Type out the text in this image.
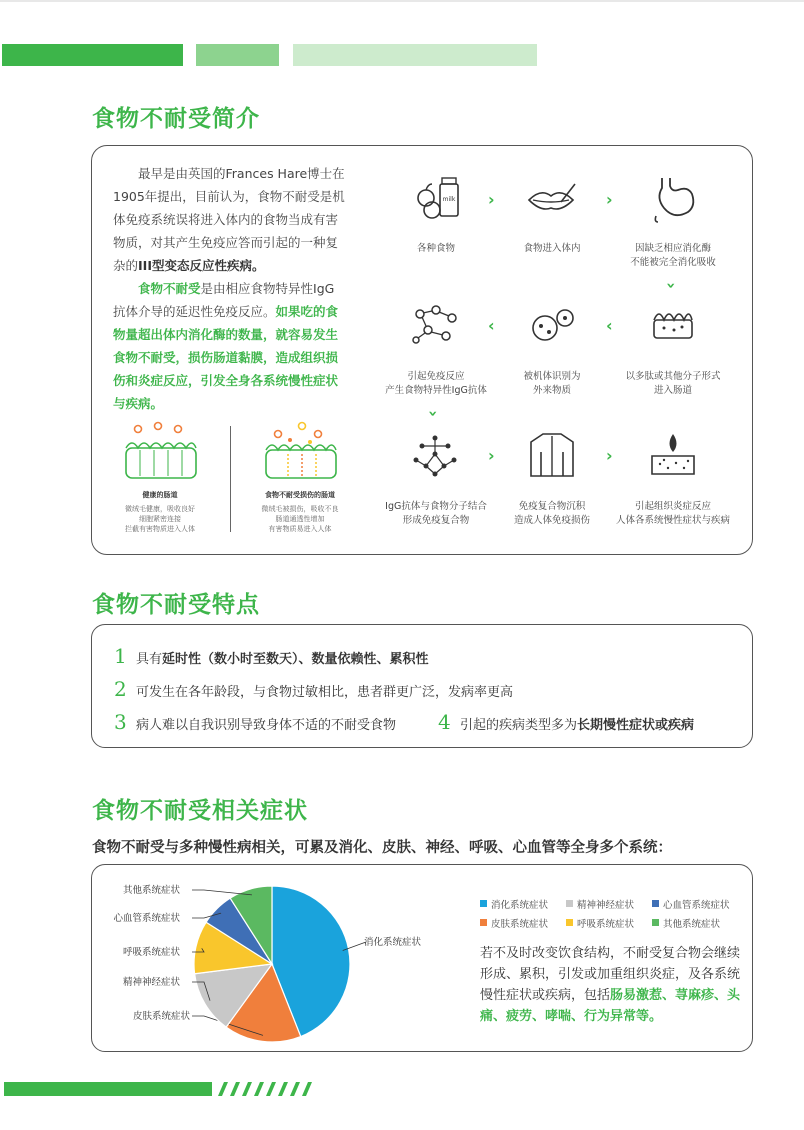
食物不耐受简介

最早是由英国的Frances Hare博士在1905年提出，目前认为，食物不耐受是机体免疫系统误将进入体内的食物当成有害物质，对其产生免疫应答而引起的一种复杂的III型变态反应性疾病。

食物不耐受是由相应食物特异性IgG抗体介导的延迟性免疫反应。如果吃的食物量超出体内消化酶的数量，就容易发生食物不耐受，损伤肠道黏膜，造成组织损伤和炎症反应，引发全身各系统慢性症状与疾病。

健康的肠道
微绒毛健康，吸收良好
细胞紧密连接
拦截有害物质进入人体
食物不耐受损伤的肠道
微绒毛被损伤，吸收不良
肠道通透性增加
有害物质易进入人体
milk ›	›
›
‹
‹
›
›	›
各种食物	食物进入体内	因缺乏相应消化酶
不能被完全消化吸收
以多肽或其他分子形式
进入肠道
被机体识别为
外来物质
引起免疫反应
产生食物特异性IgG抗体
IgG抗体与食物分子结合
形成免疫复合物
免疫复合物沉积
造成人体免疫损伤
引起组织炎症反应
人体各系统慢性症状与疾病
食物不耐受特点
1 具有延时性（数小时至数天）、数量依赖性、累积性
2 可发生在各年龄段，与食物过敏相比，患者群更广泛，发病率更高
3 病人难以自我识别导致身体不适的不耐受食物 4 引起的疾病类型多为长期慢性症状或疾病
食物不耐受相关症状
食物不耐受与多种慢性病相关，可累及消化、皮肤、神经、呼吸、心血管等全身多个系统：
消化系统症状
皮肤系统症状
精神神经症状
呼吸系统症状
心血管系统症状
其他系统症状
消化系统症状	精神神经症状	心血管系统症状

皮肤系统症状	呼吸系统症状	其他系统症状
若不及时改变饮食结构，不耐受复合物会继续形成、累积，引发或加重组织炎症，及各系统慢性症状或疾病，包括肠易激惹、荨麻疹、头痛、疲劳、哮喘、行为异常等。
